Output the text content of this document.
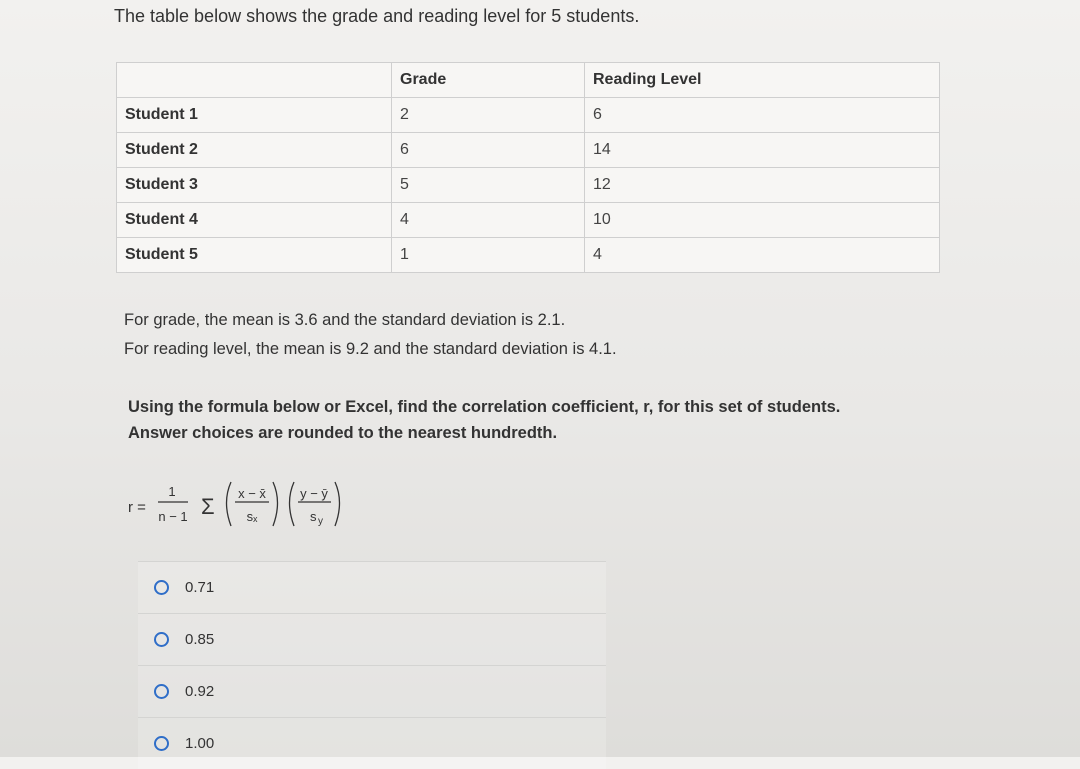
The table below shows the grade and reading level for 5 students.
	Grade	Reading Level
Student 1	2	6
Student 2	6	14
Student 3	5	12
Student 4	4	10
Student 5	1	4
For grade, the mean is 3.6 and the standard deviation is 2.1.
For reading level, the mean is 9.2 and the standard deviation is 4.1.
Using the formula below or Excel, find the correlation coefficient, r, for this set of students.
Answer choices are rounded to the nearest hundredth.
r =
1
n − 1 Σ
x − x̄
sₓ
y − ȳ
s y
0.71
0.85
0.92
1.00
